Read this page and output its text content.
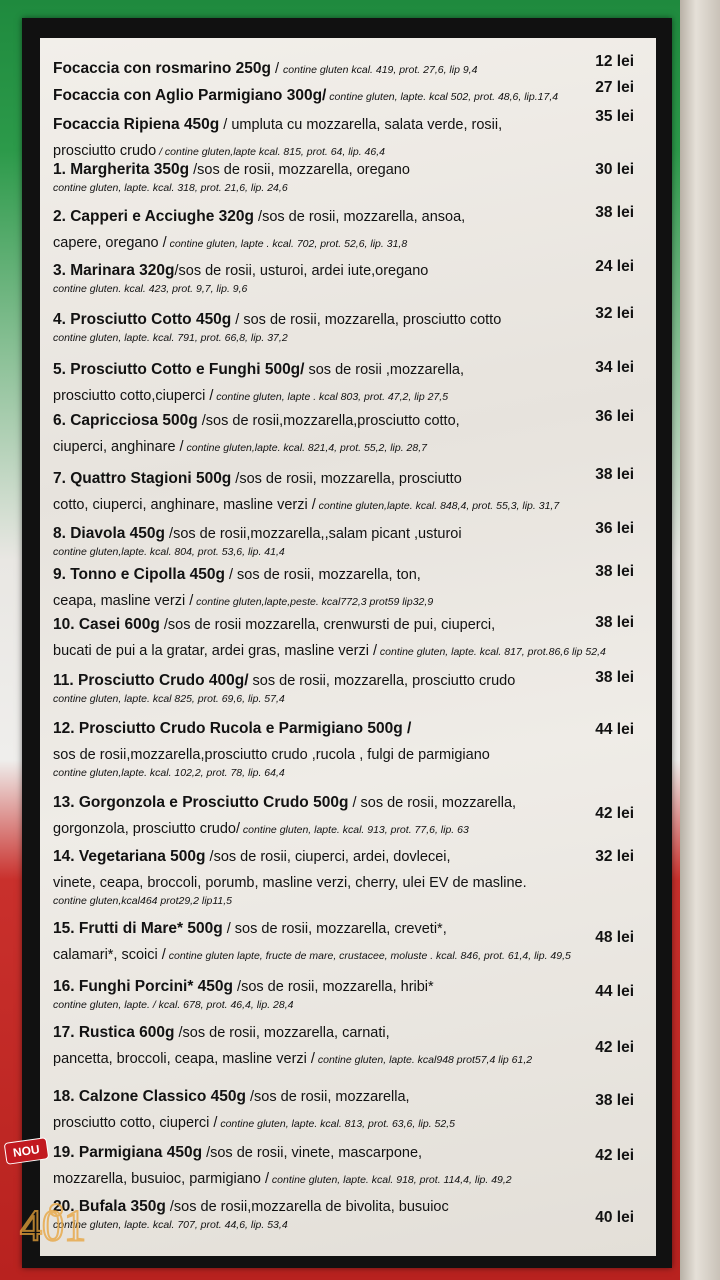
Focaccia con rosmarino 250g / contine gluten kcal. 419, prot. 27,6, lip 9,4	12 lei
Focaccia con Aglio Parmigiano 300g/ contine gluten, lapte. kcal 502, prot. 48,6, lip.17,4
27 lei
Focaccia Ripiena 450g / umpluta cu mozzarella, salata verde, rosii,
prosciutto crudo / contine gluten,lapte kcal. 815, prot. 64, lip. 46,4
35 lei
1. Margherita 350g /sos de rosii, mozzarella, oregano
contine gluten, lapte. kcal. 318, prot. 21,6, lip. 24,6
30 lei
2. Capperi e Acciughe 320g /sos de rosii, mozzarella, ansoa,
capere, oregano / contine gluten, lapte . kcal. 702, prot. 52,6, lip. 31,8
38 lei
3. Marinara 320g/sos de rosii, usturoi, ardei iute,oregano
contine gluten. kcal. 423, prot. 9,7, lip. 9,6
24 lei
4. Prosciutto Cotto 450g / sos de rosii, mozzarella, prosciutto cotto
contine gluten, lapte. kcal. 791, prot. 66,8, lip. 37,2
32 lei
5. Prosciutto Cotto e Funghi 500g/ sos de rosii ,mozzarella,
prosciutto cotto,ciuperci / contine gluten, lapte . kcal 803, prot. 47,2, lip 27,5
34 lei
6. Capricciosa 500g /sos de rosii,mozzarella,prosciutto cotto,
ciuperci, anghinare / contine gluten,lapte. kcal. 821,4, prot. 55,2, lip. 28,7
36 lei
7. Quattro Stagioni 500g /sos de rosii, mozzarella, prosciutto
cotto, ciuperci, anghinare, masline verzi / contine gluten,lapte. kcal. 848,4, prot. 55,3, lip. 31,7
38 lei
8. Diavola 450g /sos de rosii,mozzarella,,salam picant ,usturoi
contine gluten,lapte. kcal. 804, prot. 53,6, lip. 41,4
36 lei
9. Tonno e Cipolla 450g / sos de rosii, mozzarella, ton,
ceapa, masline verzi / contine gluten,lapte,peste. kcal772,3 prot59 lip32,9
38 lei
10. Casei 600g /sos de rosii mozzarella, crenwursti de pui, ciuperci,
bucati de pui a la gratar, ardei gras, masline verzi / contine gluten, lapte. kcal. 817, prot.86,6 lip 52,4
38 lei
11. Prosciutto Crudo 400g/ sos de rosii, mozzarella, prosciutto crudo
contine gluten, lapte. kcal 825, prot. 69,6, lip. 57,4
38 lei
12. Prosciutto Crudo Rucola e Parmigiano 500g /
sos de rosii,mozzarella,prosciutto crudo ,rucola , fulgi de parmigiano
contine gluten,lapte. kcal. 102,2, prot. 78, lip. 64,4
44 lei
13. Gorgonzola e Prosciutto Crudo 500g / sos de rosii, mozzarella,
gorgonzola, prosciutto crudo/ contine gluten, lapte. kcal. 913, prot. 77,6, lip. 63
42 lei
14. Vegetariana 500g /sos de rosii, ciuperci, ardei, dovlecei,
vinete, ceapa, broccoli, porumb, masline verzi, cherry, ulei EV de masline.
contine gluten,kcal464 prot29,2 lip11,5
32 lei
15. Frutti di Mare* 500g / sos de rosii, mozzarella, creveti*,
calamari*, scoici / contine gluten lapte, fructe de mare, crustacee, moluste . kcal. 846, prot. 61,4, lip. 49,5
48 lei
16. Funghi Porcini* 450g /sos de rosii, mozzarella, hribi*
contine gluten, lapte. / kcal. 678, prot. 46,4, lip. 28,4
44 lei
17. Rustica 600g /sos de rosii, mozzarella, carnati,
pancetta, broccoli, ceapa, masline verzi / contine gluten, lapte. kcal948 prot57,4 lip 61,2
42 lei
18. Calzone Classico 450g /sos de rosii, mozzarella,
prosciutto cotto, ciuperci / contine gluten, lapte. kcal. 813, prot. 63,6, lip. 52,5
38 lei
19. Parmigiana 450g /sos de rosii, vinete, mascarpone,
mozzarella, busuioc, parmigiano / contine gluten, lapte. kcal. 918, prot. 114,4, lip. 49,2
42 lei
20. Bufala 350g /sos de rosii,mozzarella de bivolita, busuioc
contine gluten, lapte. kcal. 707, prot. 44,6, lip. 53,4	40 lei
NOU
401
